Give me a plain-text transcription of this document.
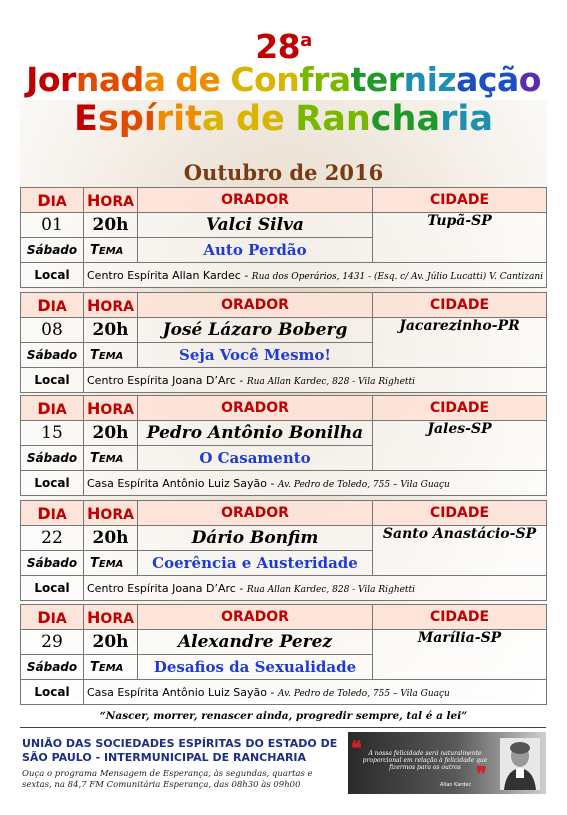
28$^a$ Jornada de Confraternização
Espírita de Rancharia
Outubro de 2016
DIA	HORA	ORADOR	CIDADE
01	20h	Valci Silva	Tupã-SP
Sábado	TEMA	Auto Perdão	
Local	Centro Espírita Allan Kardec - Rua dos Operários, 1431 - (Esq. c/ Av. Júlio Lucatti) V. Cantizani		
DIA	HORA	ORADOR	CIDADE
08	20h	José Lázaro Boberg	Jacarezinho-PR
Sábado	TEMA	Seja Você Mesmo!	
Local	Centro Espírita Joana D’Arc - Rua Allan Kardec, 828 - Vila Righetti		
DIA	HORA	ORADOR	CIDADE
15	20h	Pedro Antônio Bonilha	Jales-SP
Sábado	TEMA	O Casamento	
Local	Casa Espírita Antônio Luiz Sayão - Av. Pedro de Toledo, 755 – Vila Guaçu		
DIA	HORA	ORADOR	CIDADE
22	20h	Dário Bonfim	Santo Anastácio-SP
Sábado	TEMA	Coerência e Austeridade	
Local	Centro Espírita Joana D’Arc - Rua Allan Kardec, 828 - Vila Righetti		
DIA	HORA	ORADOR	CIDADE
29	20h	Alexandre Perez	Marília-SP
Sábado	TEMA	Desafios da Sexualidade	
Local	Casa Espírita Antônio Luiz Sayão - Av. Pedro de Toledo, 755 – Vila Guaçu		
“Nascer, morrer, renascer ainda, progredir sempre, tal é a lei”
UNIÃO DAS SOCIEDADES ESPÍRITAS DO ESTADO DE SÃO PAULO - INTERMUNICIPAL DE RANCHARIA
Ouça o programa Mensagem de Esperança, às segundas, quartas e sextas, na 84,7 FM Comunitária Esperança, das 08h30 às 09h00
❝	A nossa felicidade será naturalmente proporcional em relação à felicidade que fizermos para os outros ❞
Allan Kardec
